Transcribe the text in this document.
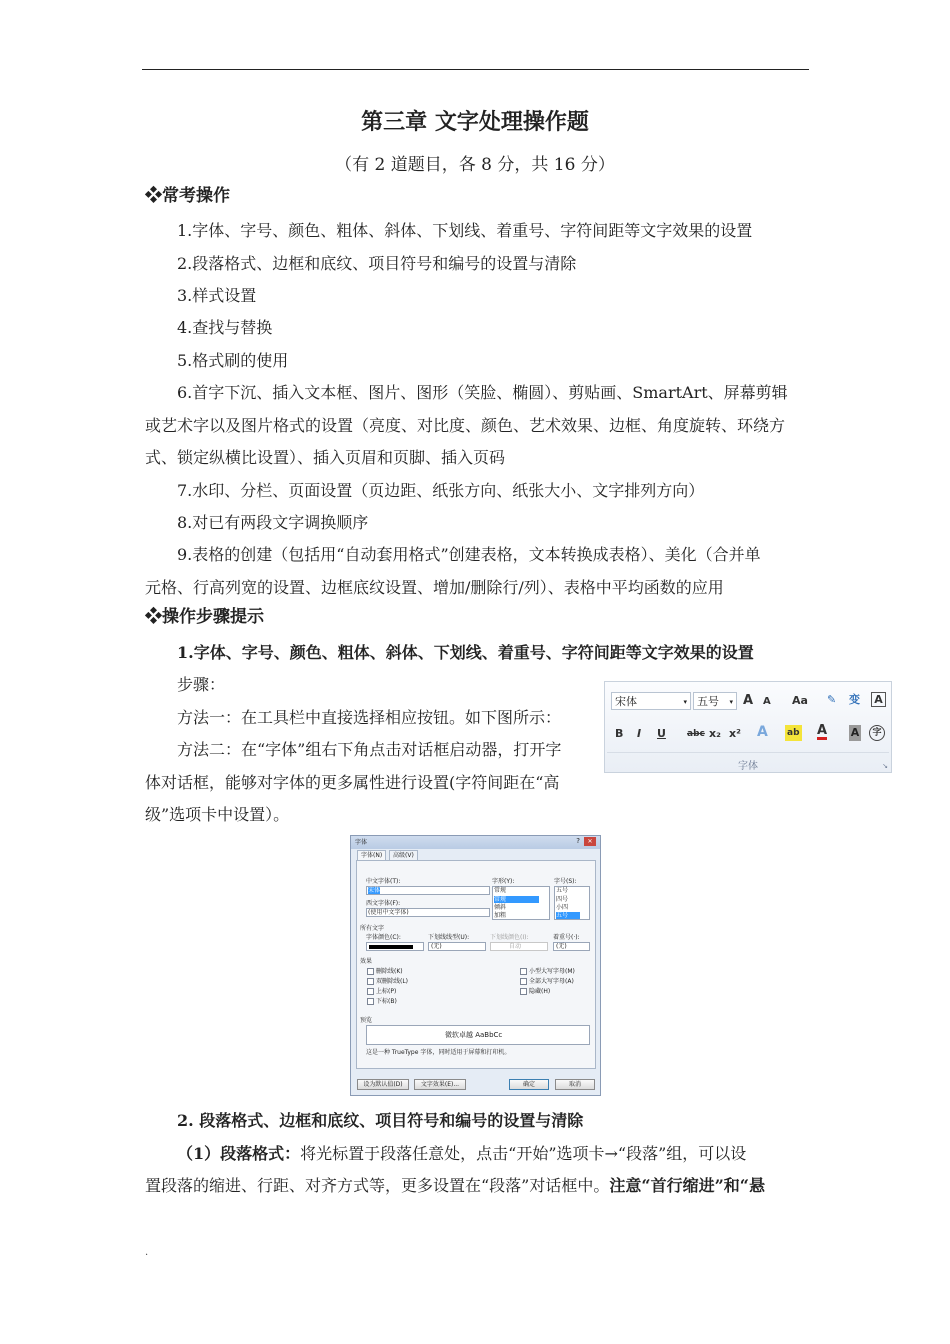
第三章 文字处理操作题
（有 2 道题目，各 8 分，共 16 分）
❖常考操作
1.字体、字号、颜色、粗体、斜体、下划线、着重号、字符间距等文字效果的设置
2.段落格式、边框和底纹、项目符号和编号的设置与清除
3.样式设置
4.查找与替换
5.格式刷的使用
6.首字下沉、插入文本框、图片、图形（笑脸、椭圆）、剪贴画、SmartArt、屏幕剪辑
或艺术字以及图片格式的设置（亮度、对比度、颜色、艺术效果、边框、角度旋转、环绕方
式、锁定纵横比设置）、插入页眉和页脚、插入页码
7.水印、分栏、页面设置（页边距、纸张方向、纸张大小、文字排列方向）
8.对已有两段文字调换顺序
9.表格的创建（包括用“自动套用格式”创建表格，文本转换成表格）、美化（合并单
元格、行高列宽的设置、边框底纹设置、增加/删除行/列）、表格中平均函数的应用
❖操作步骤提示
1.字体、字号、颜色、粗体、斜体、下划线、着重号、字符间距等文字效果的设置
步骤：
方法一：在工具栏中直接选择相应按钮。如下图所示：
方法二：在“字体”组右下角点击对话框启动器，打开字
体对话框，能够对字体的更多属性进行设置(字符间距在“高
级”选项卡中设置）。
宋体	▾ 五号 ▾ A A Aa ✎ 变 A
B I U abc x₂ x² A ab A A	字
字体	↘
字体	?	✕
字体(N)	高级(V)
中文字体(T):
宋体
西文字体(F):
(使用中文字体)
字形(Y):
常规
常规
倾斜
加粗
字号(S):
五号
四号
小四
五号
所有文字
字体颜色(C):	下划线线型(U):
(无)
下划线颜色(I):
自动
着重号(·):
(无)
效果
删除线(K)
双删除线(L)
上标(P)
下标(B)
小型大写字母(M)
全部大写字母(A)
隐藏(H)
预览
微软卓越 AaBbCc
这是一种 TrueType 字体，同时适用于屏幕和打印机。
设为默认值(D)	文字效果(E)...	确定	取消
2. 段落格式、边框和底纹、项目符号和编号的设置与清除
（1）段落格式：将光标置于段落任意处，点击“开始”选项卡→“段落”组，可以设
置段落的缩进、行距、对齐方式等，更多设置在“段落”对话框中。注意“首行缩进”和“悬
.
